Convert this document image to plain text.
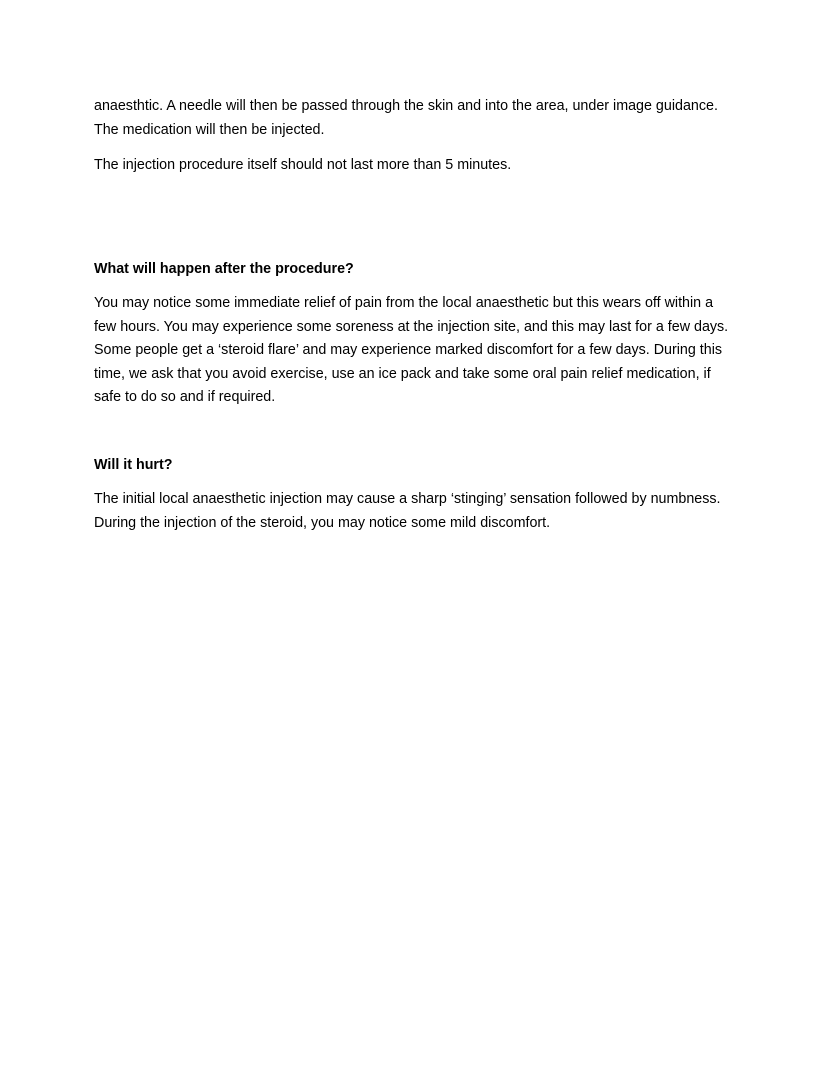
anaesthtic. A needle will then be passed through the skin and into the area, under image guidance. The medication will then be injected.

The injection procedure itself should not last more than 5 minutes.

What will happen after the procedure?

You may notice some immediate relief of pain from the local anaesthetic but this wears off within a few hours. You may experience some soreness at the injection site, and this may last for a few days. Some people get a ‘steroid flare’ and may experience marked discomfort for a few days. During this time, we ask that you avoid exercise, use an ice pack and take some oral pain relief medication, if safe to do so and if required.

Will it hurt?

The initial local anaesthetic injection may cause a sharp ‘stinging’ sensation followed by numbness. During the injection of the steroid, you may notice some mild discomfort.
